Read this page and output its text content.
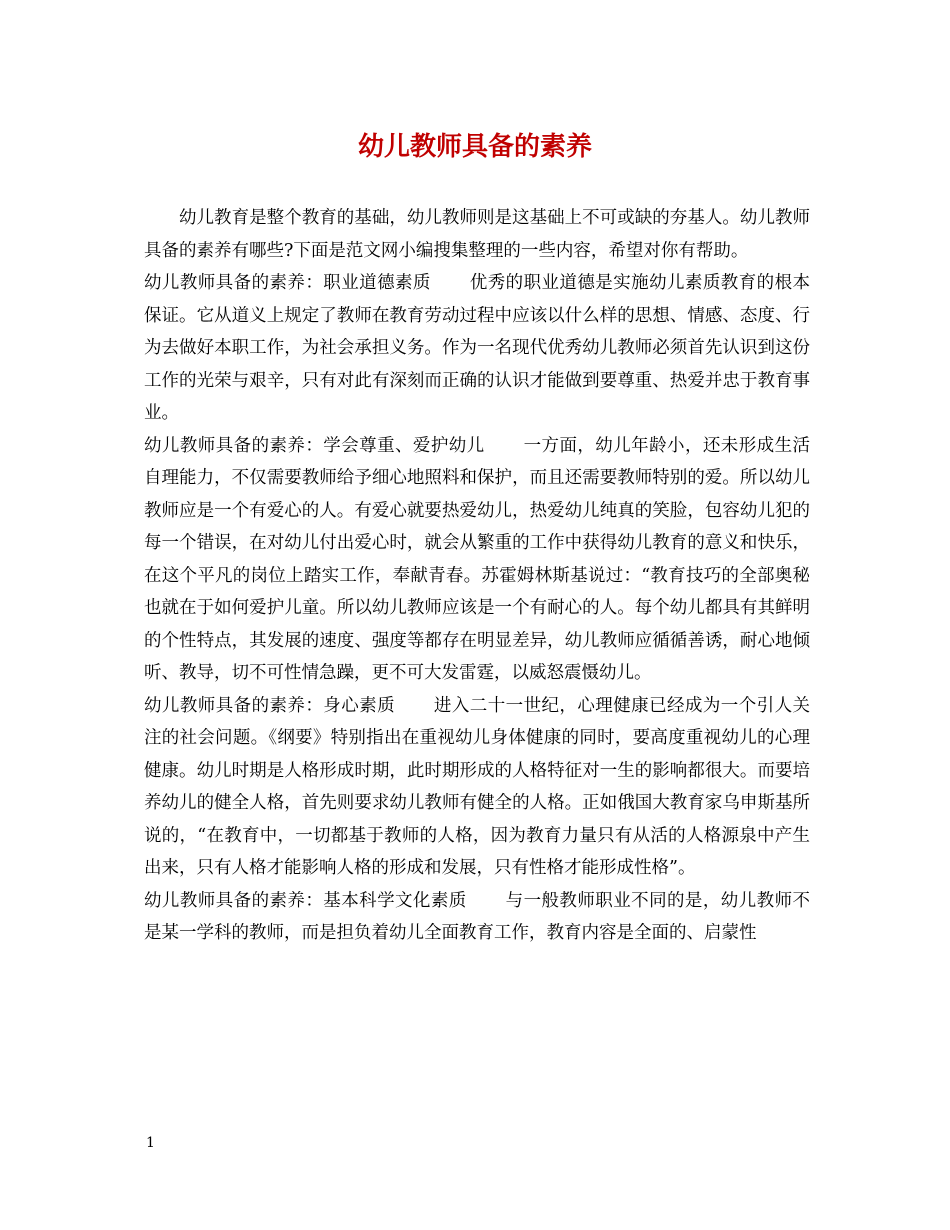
幼儿教师具备的素养

幼儿教育是整个教育的基础，幼儿教师则是这基础上不可或缺的夯基人。幼儿教师具备的素养有哪些?下面是范文网小编搜集整理的一些内容，希望对你有帮助。

幼儿教师具备的素养：职业道德素质 优秀的职业道德是实施幼儿素质教育的根本保证。它从道义上规定了教师在教育劳动过程中应该以什么样的思想、情感、态度、行为去做好本职工作，为社会承担义务。作为一名现代优秀幼儿教师必须首先认识到这份工作的光荣与艰辛，只有对此有深刻而正确的认识才能做到要尊重、热爱并忠于教育事业。

幼儿教师具备的素养：学会尊重、爱护幼儿 一方面，幼儿年龄小，还未形成生活自理能力，不仅需要教师给予细心地照料和保护，而且还需要教师特别的爱。所以幼儿教师应是一个有爱心的人。有爱心就要热爱幼儿，热爱幼儿纯真的笑脸，包容幼儿犯的每一个错误，在对幼儿付出爱心时，就会从繁重的工作中获得幼儿教育的意义和快乐，在这个平凡的岗位上踏实工作，奉献青春。苏霍姆林斯基说过：“教育技巧的全部奥秘也就在于如何爱护儿童。所以幼儿教师应该是一个有耐心的人。每个幼儿都具有其鲜明的个性特点，其发展的速度、强度等都存在明显差异，幼儿教师应循循善诱，耐心地倾听、教导，切不可性情急躁，更不可大发雷霆，以威怒震慑幼儿。

幼儿教师具备的素养：身心素质 进入二十一世纪，心理健康已经成为一个引人关注的社会问题。《纲要》特别指出在重视幼儿身体健康的同时，要高度重视幼儿的心理健康。幼儿时期是人格形成时期，此时期形成的人格特征对一生的影响都很大。而要培养幼儿的健全人格，首先则要求幼儿教师有健全的人格。正如俄国大教育家乌申斯基所说的，“在教育中，一切都基于教师的人格，因为教育力量只有从活的人格源泉中产生出来，只有人格才能影响人格的形成和发展，只有性格才能形成性格”。

幼儿教师具备的素养：基本科学文化素质 与一般教师职业不同的是，幼儿教师不是某一学科的教师，而是担负着幼儿全面教育工作，教育内容是全面的、启蒙性

1
